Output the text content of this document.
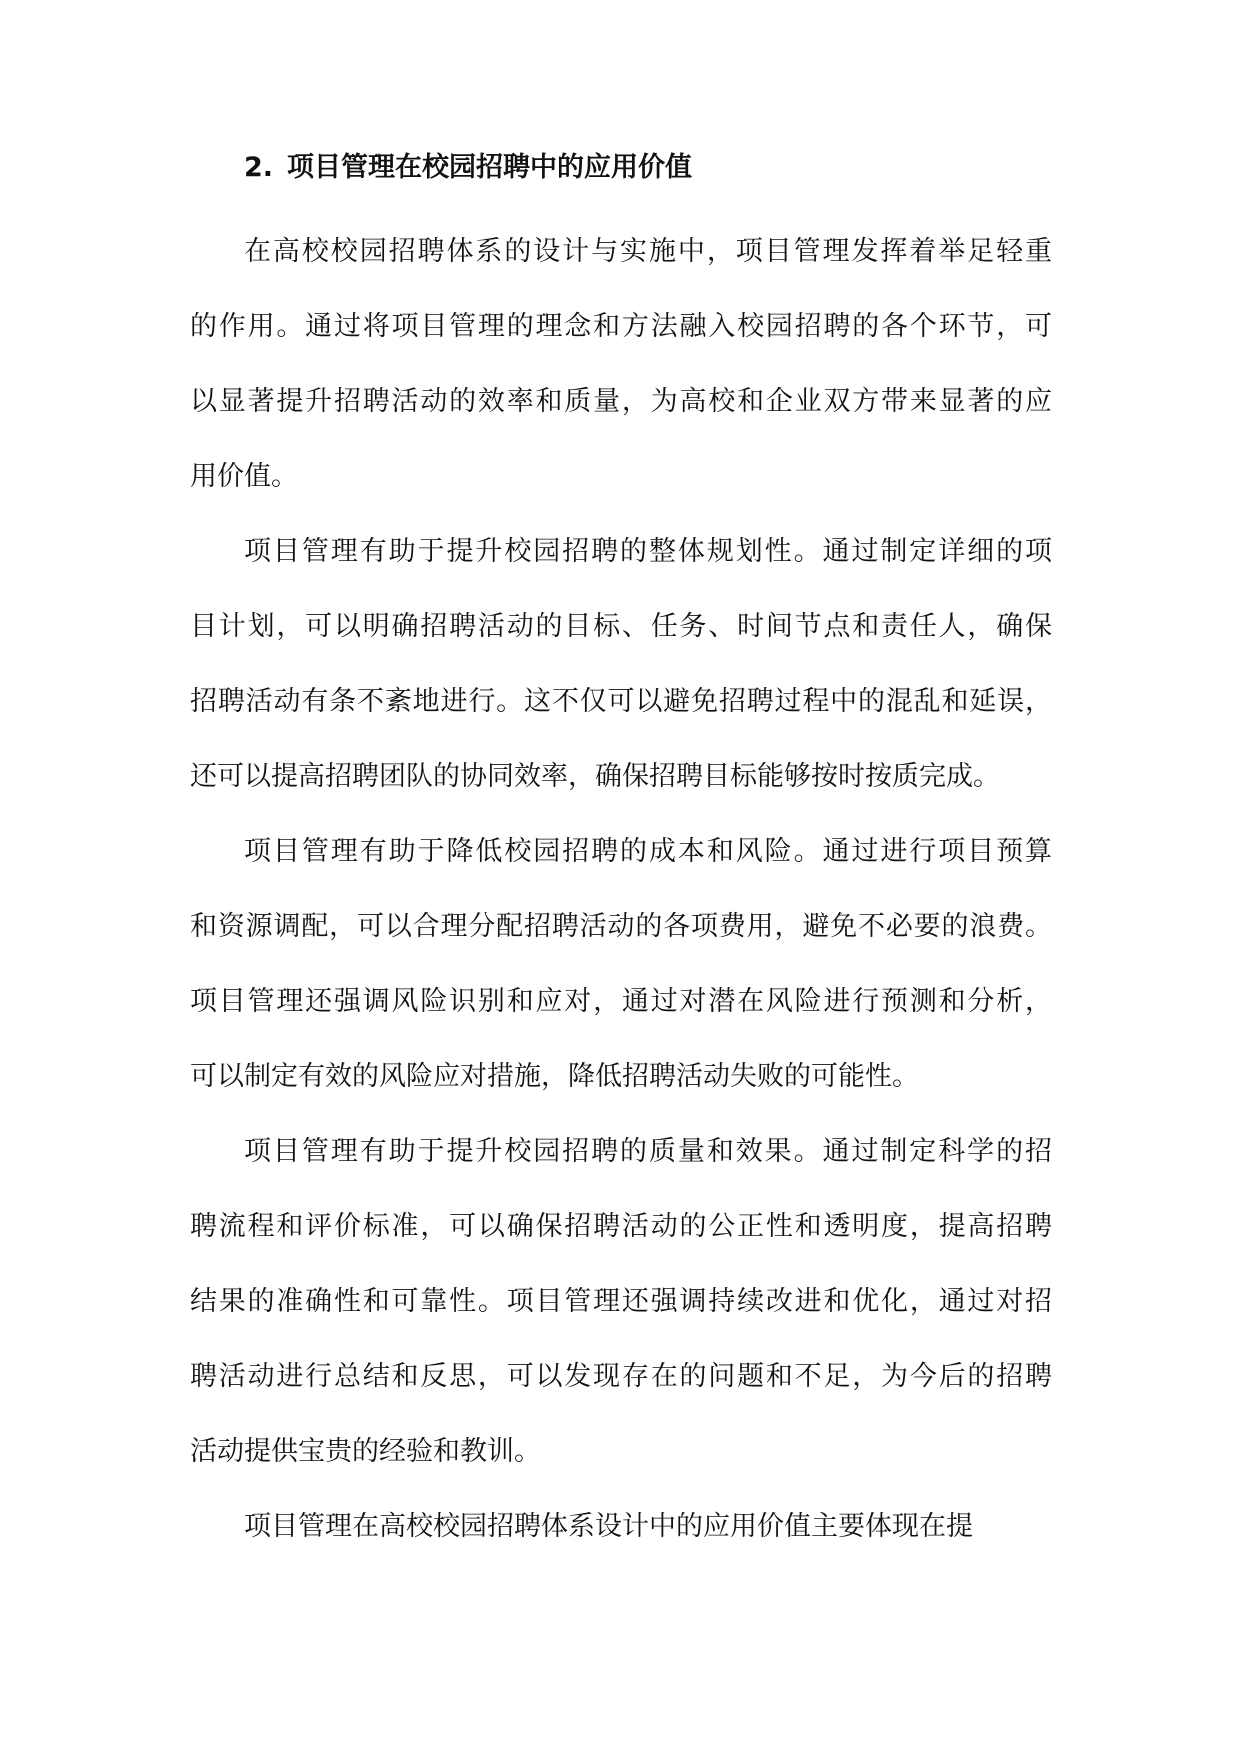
2. 项目管理在校园招聘中的应用价值

在高校校园招聘体系的设计与实施中，项目管理发挥着举足轻重
的作用。通过将项目管理的理念和方法融入校园招聘的各个环节，可
以显著提升招聘活动的效率和质量，为高校和企业双方带来显著的应
用价值。

项目管理有助于提升校园招聘的整体规划性。通过制定详细的项
目计划，可以明确招聘活动的目标、任务、时间节点和责任人，确保
招聘活动有条不紊地进行。这不仅可以避免招聘过程中的混乱和延误，
还可以提高招聘团队的协同效率，确保招聘目标能够按时按质完成。

项目管理有助于降低校园招聘的成本和风险。通过进行项目预算
和资源调配，可以合理分配招聘活动的各项费用，避免不必要的浪费。
项目管理还强调风险识别和应对，通过对潜在风险进行预测和分析，
可以制定有效的风险应对措施，降低招聘活动失败的可能性。

项目管理有助于提升校园招聘的质量和效果。通过制定科学的招
聘流程和评价标准，可以确保招聘活动的公正性和透明度，提高招聘
结果的准确性和可靠性。项目管理还强调持续改进和优化，通过对招
聘活动进行总结和反思，可以发现存在的问题和不足，为今后的招聘
活动提供宝贵的经验和教训。

项目管理在高校校园招聘体系设计中的应用价值主要体现在提
